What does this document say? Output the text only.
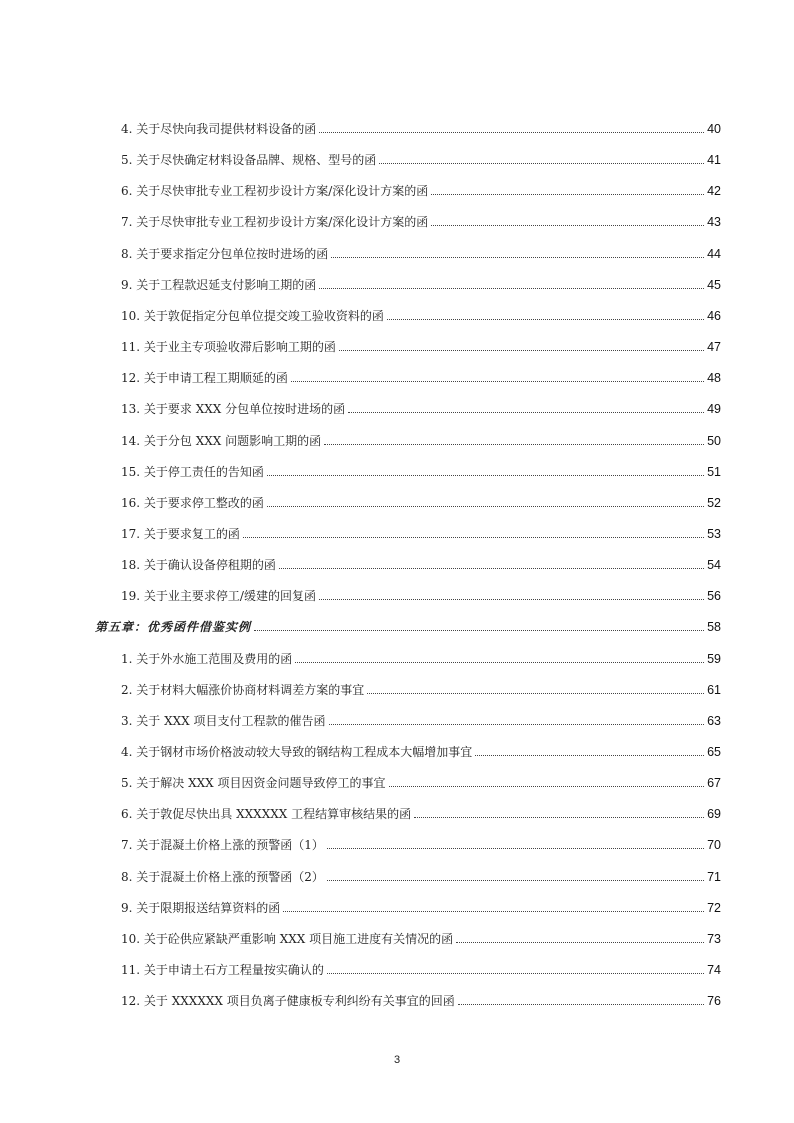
4. 关于尽快向我司提供材料设备的函	40
5. 关于尽快确定材料设备品牌、规格、型号的函	41
6. 关于尽快审批专业工程初步设计方案/深化设计方案的函	42
7. 关于尽快审批专业工程初步设计方案/深化设计方案的函	43
8. 关于要求指定分包单位按时进场的函	44
9. 关于工程款迟延支付影响工期的函	45
10. 关于敦促指定分包单位提交竣工验收资料的函	46
11. 关于业主专项验收滞后影响工期的函	47
12. 关于申请工程工期顺延的函	48
13. 关于要求 XXX 分包单位按时进场的函	49
14. 关于分包 XXX 问题影响工期的函	50
15. 关于停工责任的告知函	51
16. 关于要求停工整改的函	52
17. 关于要求复工的函	53
18. 关于确认设备停租期的函	54
19. 关于业主要求停工/缓建的回复函	56
第五章：优秀函件借鉴实例	58
1. 关于外水施工范围及费用的函	59
2. 关于材料大幅涨价协商材料调差方案的事宜	61
3. 关于 XXX 项目支付工程款的催告函	63
4. 关于钢材市场价格波动较大导致的钢结构工程成本大幅增加事宜	65
5. 关于解决 XXX 项目因资金问题导致停工的事宜	67
6. 关于敦促尽快出具 XXXXXX 工程结算审核结果的函	69
7. 关于混凝土价格上涨的预警函（1）	70
8. 关于混凝土价格上涨的预警函（2）	71
9. 关于限期报送结算资料的函	72
10. 关于砼供应紧缺严重影响 XXX 项目施工进度有关情况的函	73
11. 关于申请土石方工程量按实确认的	74
12. 关于 XXXXXX 项目负离子健康板专利纠纷有关事宜的回函	76
3
